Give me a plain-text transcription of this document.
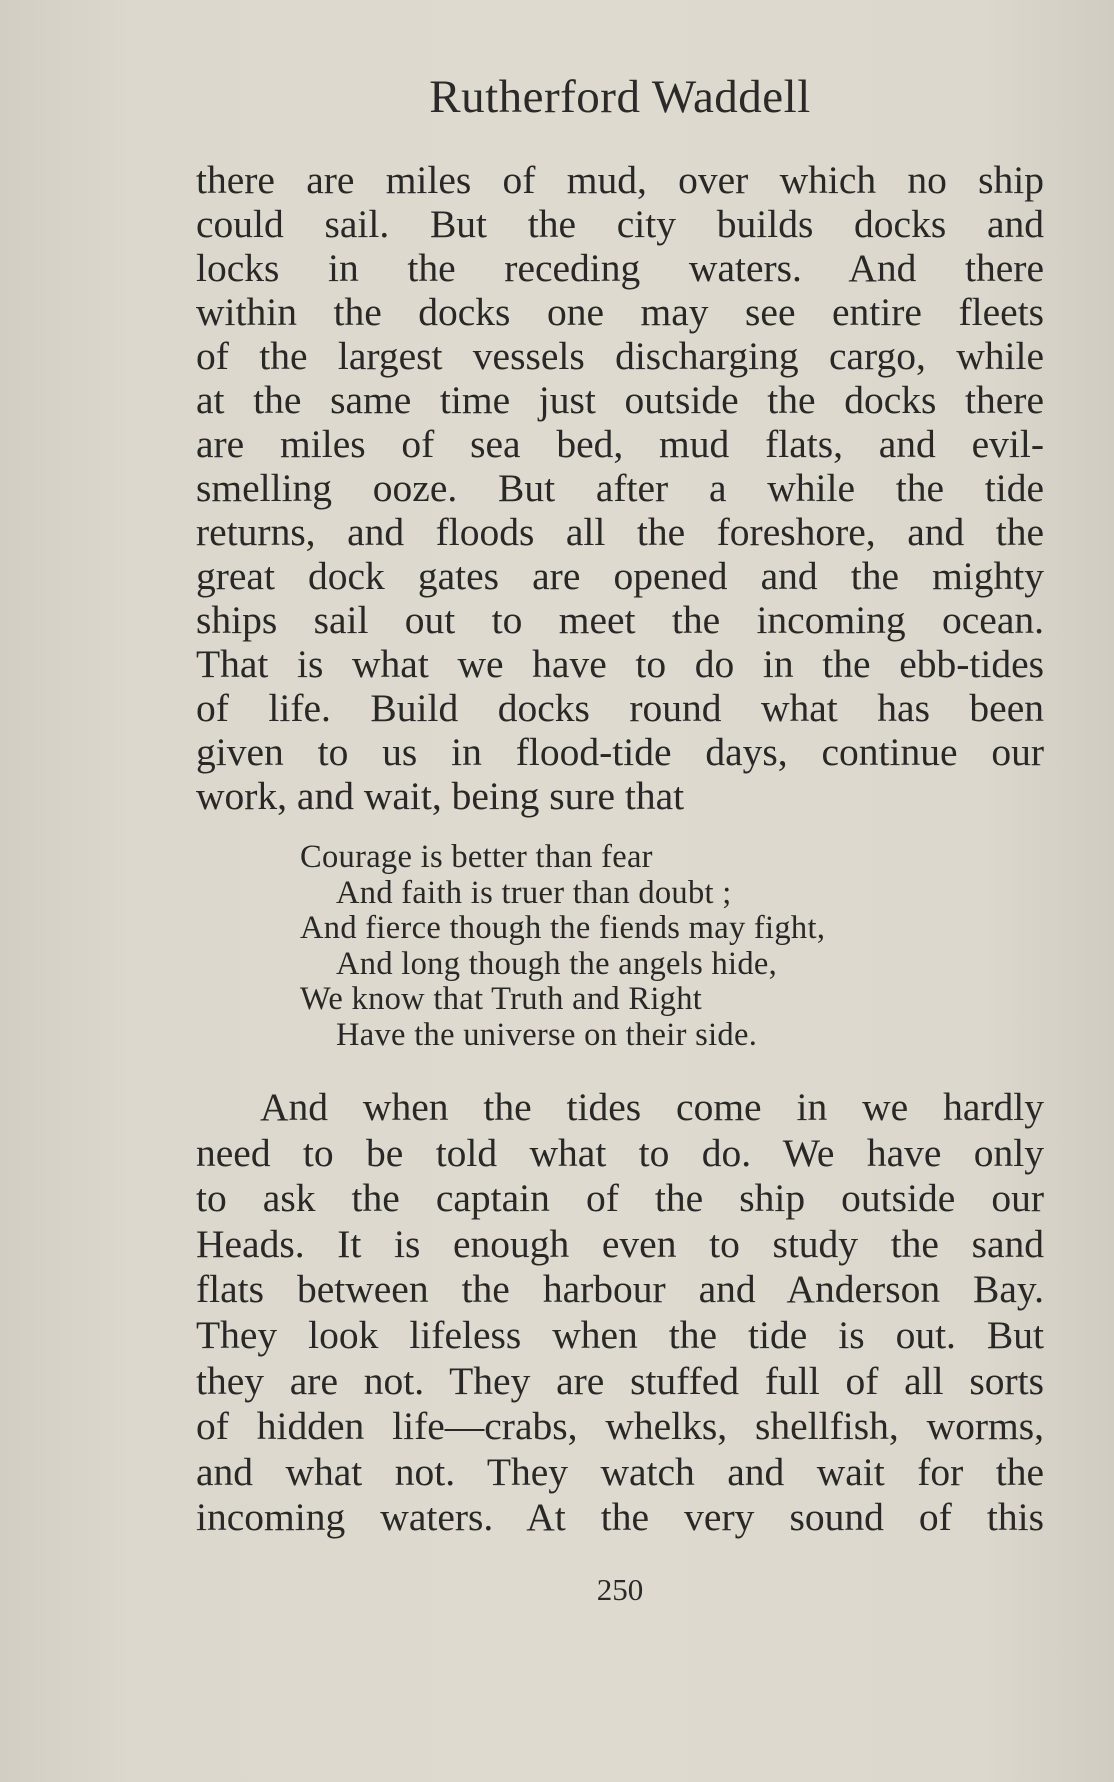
Rutherford Waddell
there are miles of mud, over which no ship
could sail. But the city builds docks and
locks in the receding waters. And there
within the docks one may see entire fleets
of the largest vessels discharging cargo, while
at the same time just outside the docks there
are miles of sea bed, mud flats, and evil-
smelling ooze. But after a while the tide
returns, and floods all the foreshore, and the
great dock gates are opened and the mighty
ships sail out to meet the incoming ocean.
That is what we have to do in the ebb-tides
of life. Build docks round what has been
given to us in flood-tide days, continue our
work, and wait, being sure that
Courage is better than fear
And faith is truer than doubt ;
And fierce though the fiends may fight,
And long though the angels hide,
We know that Truth and Right
Have the universe on their side.
And when the tides come in we hardly
need to be told what to do. We have only
to ask the captain of the ship outside our
Heads. It is enough even to study the sand
flats between the harbour and Anderson Bay.
They look lifeless when the tide is out. But
they are not. They are stuffed full of all sorts
of hidden life—crabs, whelks, shellfish, worms,
and what not. They watch and wait for the
incoming waters. At the very sound of this
250
